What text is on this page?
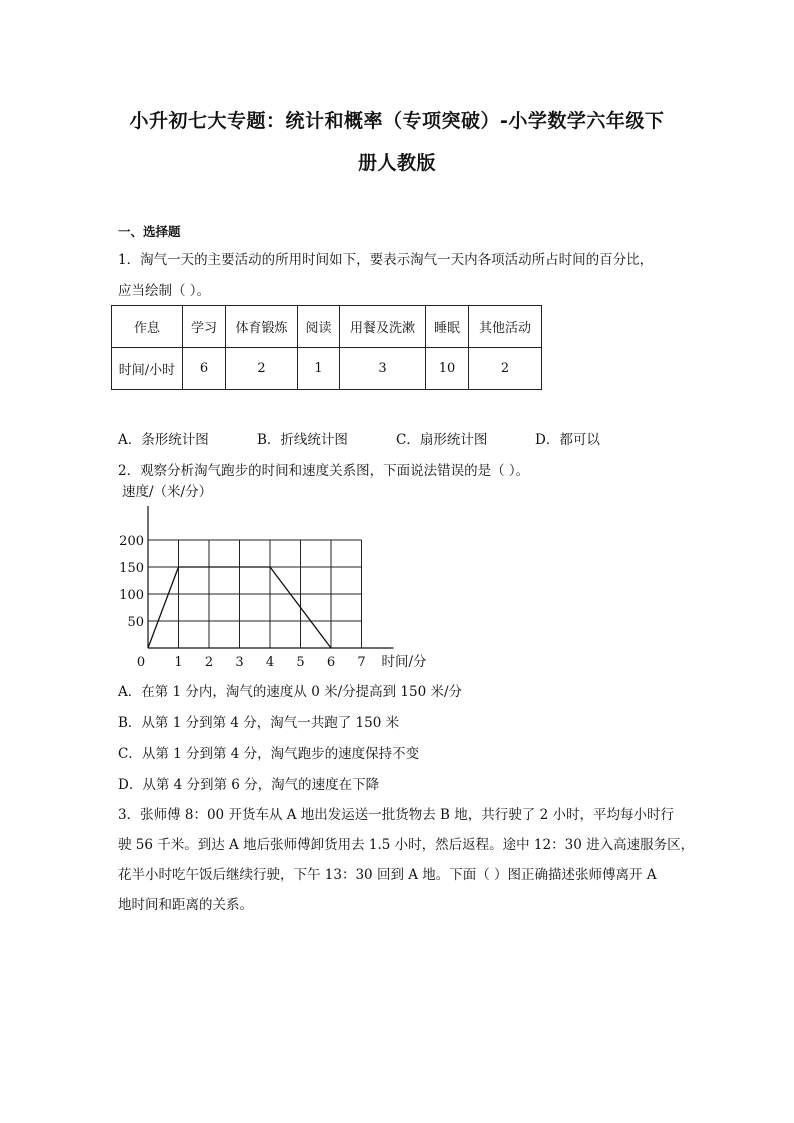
小升初七大专题：统计和概率（专项突破）-小学数学六年级下
册人教版
一、选择题
1．淘气一天的主要活动的所用时间如下，要表示淘气一天内各项活动所占时间的百分比，
应当绘制（ ）。
作息	学习	体育锻炼	阅读	用餐及洗漱	睡眠	其他活动
时间/小时	6	2	1	3	10	2
A．条形统计图	B．折线统计图	C．扇形统计图	D．都可以
2．观察分析淘气跑步的时间和速度关系图，下面说法错误的是（ ）。
0 1 2 3 4 5 6 7
50
100
150
200
时间/分
速度/（米/分）
A．在第 1 分内，淘气的速度从 0 米/分提高到 150 米/分
B．从第 1 分到第 4 分，淘气一共跑了 150 米
C．从第 1 分到第 4 分，淘气跑步的速度保持不变
D．从第 4 分到第 6 分，淘气的速度在下降
3．张师傅 8：00 开货车从 A 地出发运送一批货物去 B 地，共行驶了 2 小时，平均每小时行
驶 56 千米。到达 A 地后张师傅卸货用去 1.5 小时，然后返程。途中 12：30 进入高速服务区，
花半小时吃午饭后继续行驶，下午 13：30 回到 A 地。下面（ ）图正确描述张师傅离开 A
地时间和距离的关系。
